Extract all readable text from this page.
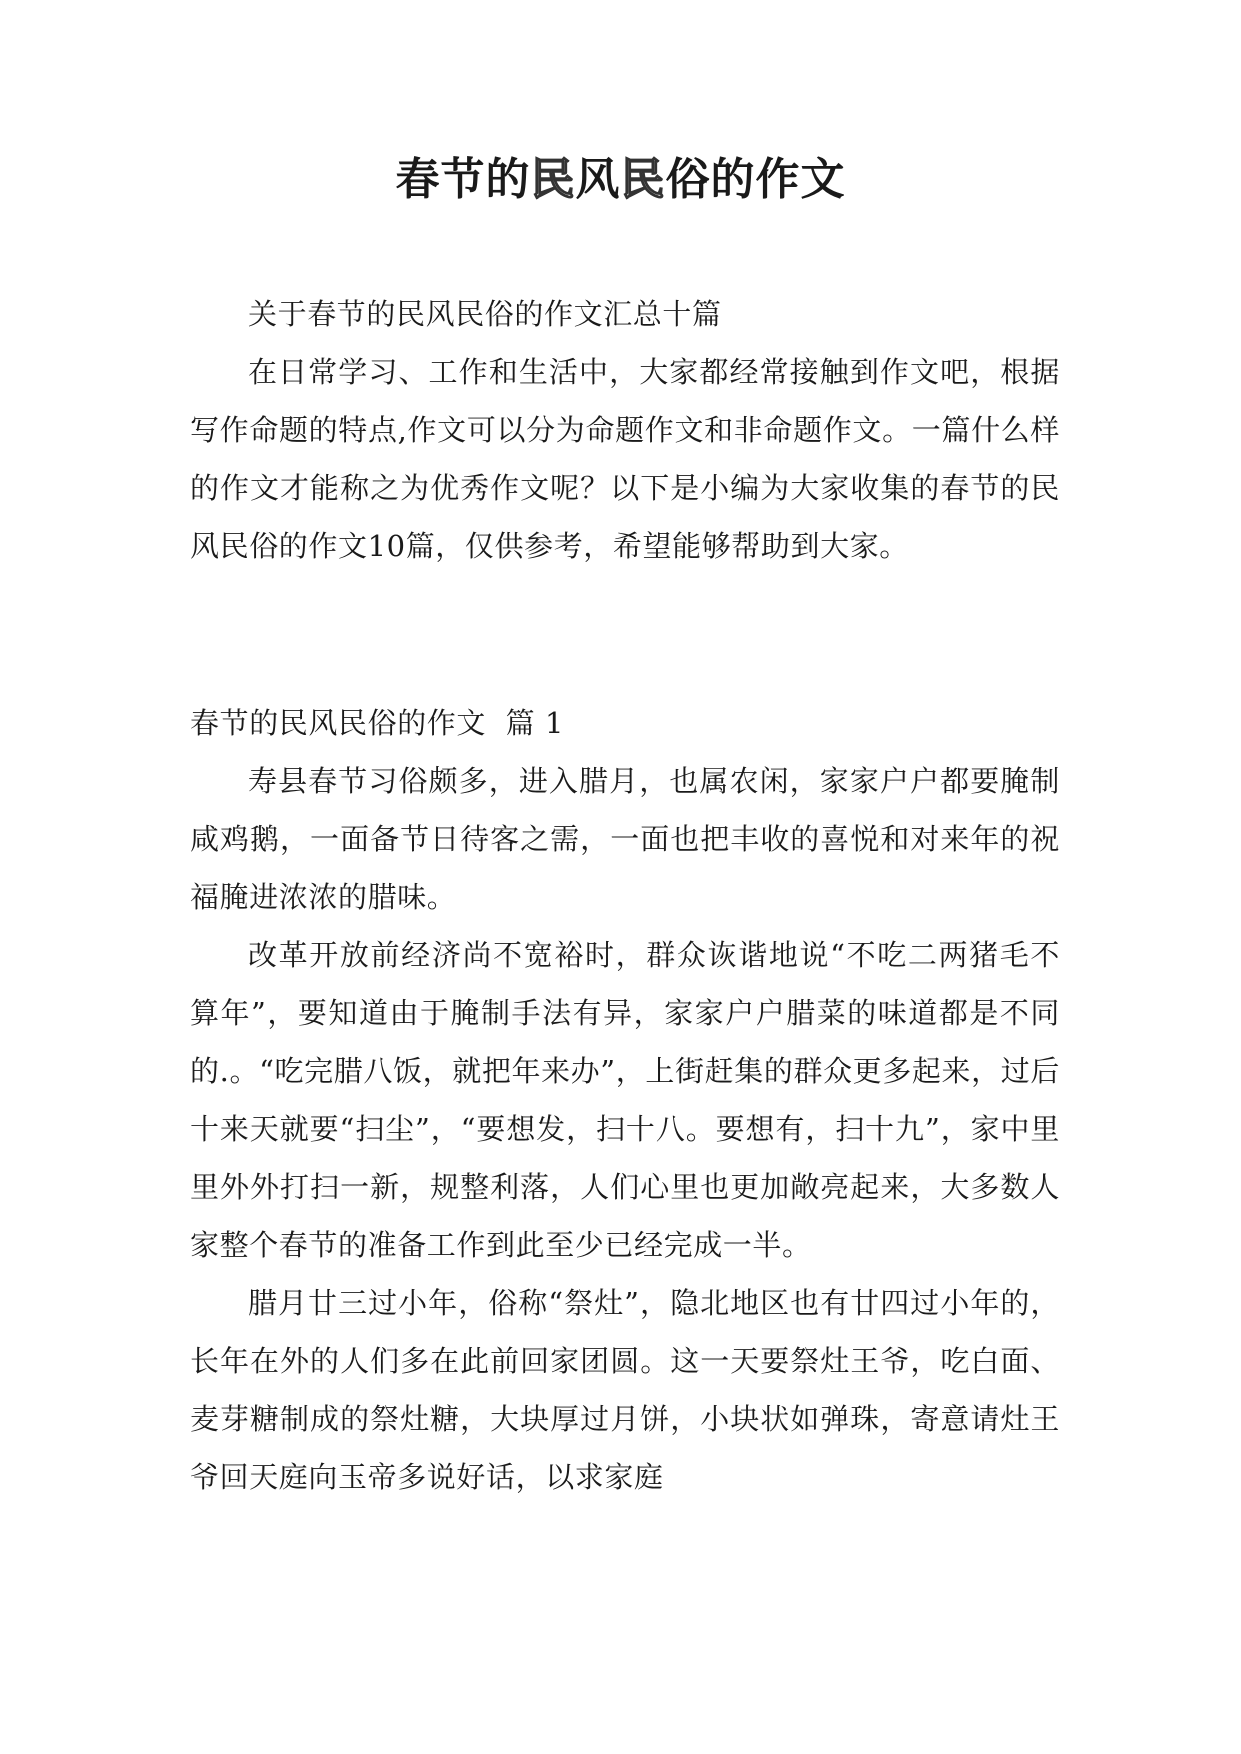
春节的民风民俗的作文

关于春节的民风民俗的作文汇总十篇

在日常学习、工作和生活中，大家都经常接触到作文吧，根据写作命题的特点,作文可以分为命题作文和非命题作文。一篇什么样的作文才能称之为优秀作文呢？以下是小编为大家收集的春节的民风民俗的作文10篇，仅供参考，希望能够帮助到大家。

春节的民风民俗的作文  篇 1

寿县春节习俗颇多，进入腊月，也属农闲，家家户户都要腌制咸鸡鹅，一面备节日待客之需，一面也把丰收的喜悦和对来年的祝福腌进浓浓的腊味。

改革开放前经济尚不宽裕时，群众诙谐地说“不吃二两猪毛不算年”，要知道由于腌制手法有异，家家户户腊菜的味道都是不同的.。“吃完腊八饭，就把年来办”，上街赶集的群众更多起来，过后十来天就要“扫尘”，“要想发，扫十八。要想有，扫十九”，家中里里外外打扫一新，规整利落，人们心里也更加敞亮起来，大多数人家整个春节的准备工作到此至少已经完成一半。

腊月廿三过小年，俗称“祭灶”，隐北地区也有廿四过小年的，长年在外的人们多在此前回家团圆。这一天要祭灶王爷，吃白面、麦芽糖制成的祭灶糖，大块厚过月饼，小块状如弹珠，寄意请灶王爷回天庭向玉帝多说好话，以求家庭
